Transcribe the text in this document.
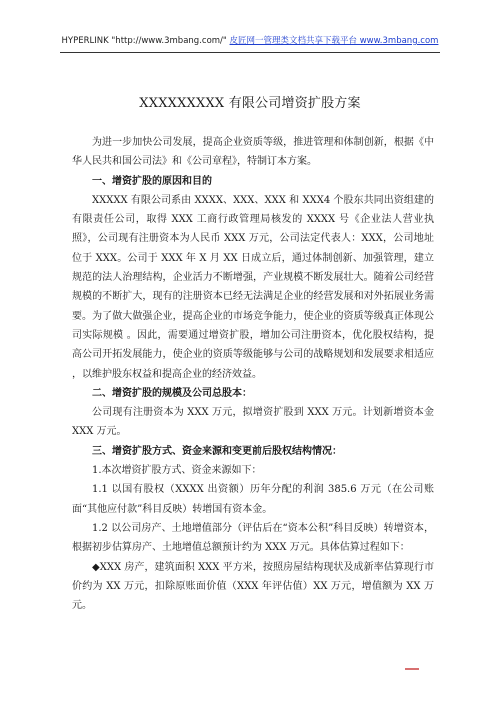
HYPERLINK "http://www.3mbang.com/" 皮匠网一管理类文档共享下载平台 www.3mbang.com
XXXXXXXXX 有限公司增资扩股方案

为进一步加快公司发展，提高企业资质等级，推进管理和体制创新，根据《中华人民共和国公司法》和《公司章程》，特制订本方案。

一、增资扩股的原因和目的

XXXXX 有限公司系由 XXXX、XXX、XXX 和 XXX4 个股东共同出资组建的有限责任公司，取得 XXX 工商行政管理局核发的 XXXX 号《企业法人营业执照》，公司现有注册资本为人民币 XXX 万元，公司法定代表人：XXX，公司地址位于 XXX。公司于 XXX 年 X 月 XX 日成立后，通过体制创新、加强管理，建立规范的法人治理结构，企业活力不断增强，产业规模不断发展壮大。随着公司经营规模的不断扩大，现有的注册资本已经无法满足企业的经营发展和对外拓展业务需要。为了做大做强企业，提高企业的市场竞争能力，使企业的资质等级真正体现公司实际规模 。因此，需要通过增资扩股，增加公司注册资本，优化股权结构，提高公司开拓发展能力，使企业的资质等级能够与公司的战略规划和发展要求相适应 ，以维护股东权益和提高企业的经济效益。

二、增资扩股的规模及公司总股本：

公司现有注册资本为 XXX 万元，拟增资扩股到 XXX 万元。计划新增资本金 XXX 万元。

三、增资扩股方式、资金来源和变更前后股权结构情况：

1.本次增资扩股方式、资金来源如下：

1.1 以国有股权（XXXX 出资额）历年分配的利润 385.6 万元（在公司账面“其他应付款”科目反映）转增国有资本金。

1.2 以公司房产、土地增值部分（评估后在“资本公积”科目反映）转增资本，根据初步估算房产、土地增值总额预计约为 XXX 万元。具体估算过程如下：

◆XXX 房产，建筑面积 XXX 平方米，按照房屋结构现状及成新率估算现行市价约为 XX 万元，扣除原账面价值（XXX 年评估值）XX 万元，增值额为 XX 万元。
